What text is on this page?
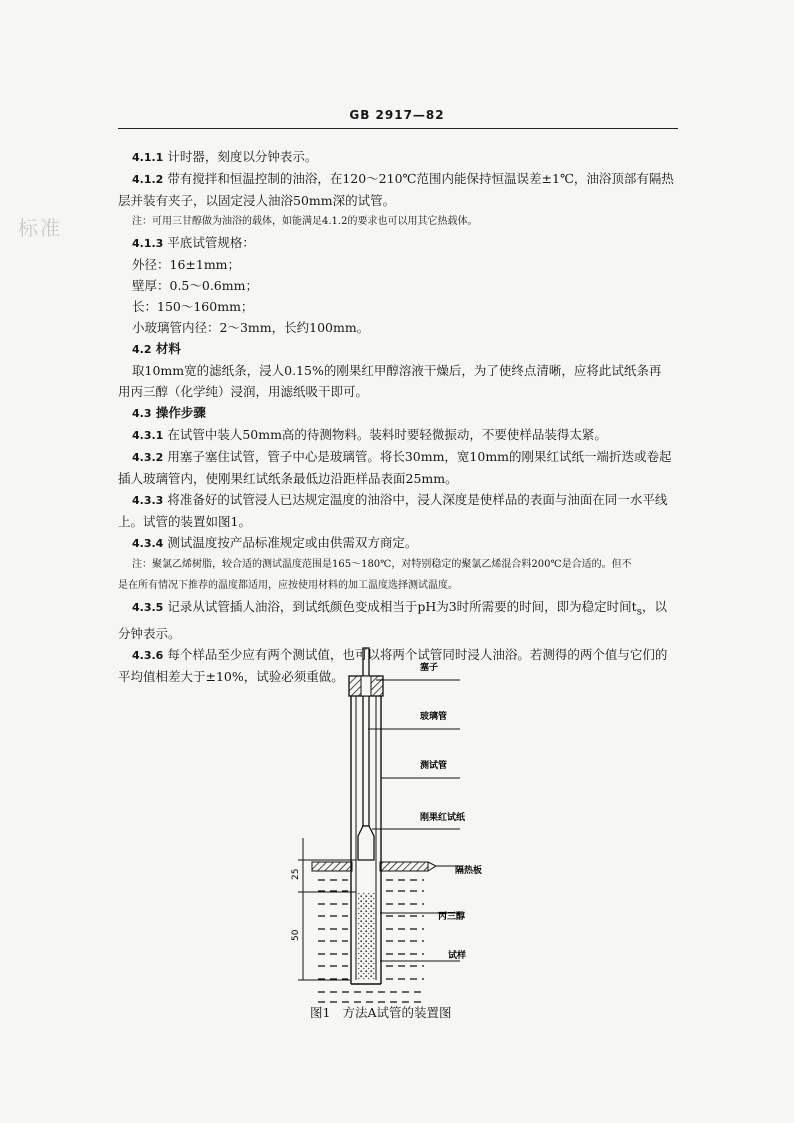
GB 2917—82
标准

4.1.1 计时器，刻度以分钟表示。

4.1.2 带有搅拌和恒温控制的油浴，在120～210℃范围内能保持恒温误差±1℃，油浴顶部有隔热

层并装有夹子，以固定浸人油浴50mm深的试管。

注：可用三甘醇做为油浴的载体，如能满足4.1.2的要求也可以用其它热载体。

4.1.3 平底试管规格：

外径：16±1mm；

壁厚：0.5～0.6mm；

长：150～160mm；

小玻璃管内径：2～3mm，长约100mm。

4.2 材料

取10mm宽的滤纸条，浸人0.15%的刚果红甲醇溶液干燥后，为了使终点清晰，应将此试纸条再

用丙三醇（化学纯）浸润，用滤纸吸干即可。

4.3 操作步骤

4.3.1 在试管中装人50mm高的待测物料。装料时要轻微振动，不要使样品装得太紧。

4.3.2 用塞子塞住试管，管子中心是玻璃管。将长30mm，宽10mm的刚果红试纸一端折迭或卷起

插人玻璃管内，使刚果红试纸条最低边沿距样品表面25mm。

4.3.3 将准备好的试管浸人已达规定温度的油浴中，浸人深度是使样品的表面与油面在同一水平线

上。试管的装置如图1。

4.3.4 测试温度按产品标准规定或由供需双方商定。

注：聚氯乙烯树脂，较合适的测试温度范围是165～180℃，对特别稳定的聚氯乙烯混合料200℃是合适的。但不

是在所有情况下推荐的温度都适用，应按使用材料的加工温度选择测试温度。

4.3.5 记录从试管插人油浴，到试纸颜色变成相当于pH为3时所需要的时间，即为稳定时间$t_s$，以

分钟表示。

4.3.6 每个样品至少应有两个测试值，也可以将两个试管同时浸人油浴。若测得的两个值与它们的

平均值相差大于±10%，试验必须重做。

25
50
塞子
玻璃管
测试管
刚果红试纸
隔热板
丙三醇
试样
图1 方法A试管的装置图
